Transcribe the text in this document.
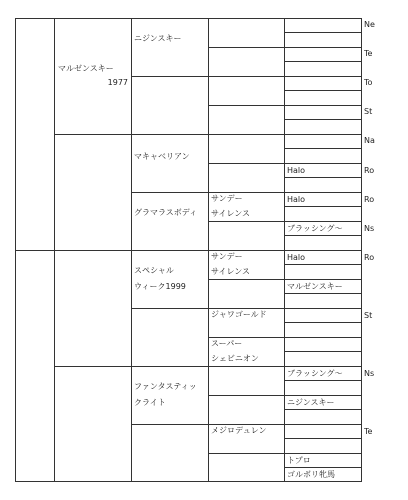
マルゼンスキー
1977
ニジンスキー
スペシャル
ウィーク1999
マキャベリアン
グラマラスボディ
ファンタスティッ
クライト
サンデー
サイレンス
サンデー
サイレンス
ジャワゴールド
スーパー
シェビニオン
メジロデュレン
Halo
Halo
ブラッシング〜
Halo
マルゼンスキー
ブラッシング〜
ニジンスキー
トプロ
ゴルボリ牝馬
Ne
Te
To
St
Na
Ro
Ro
Ns
Ro
St
Ns
Te
